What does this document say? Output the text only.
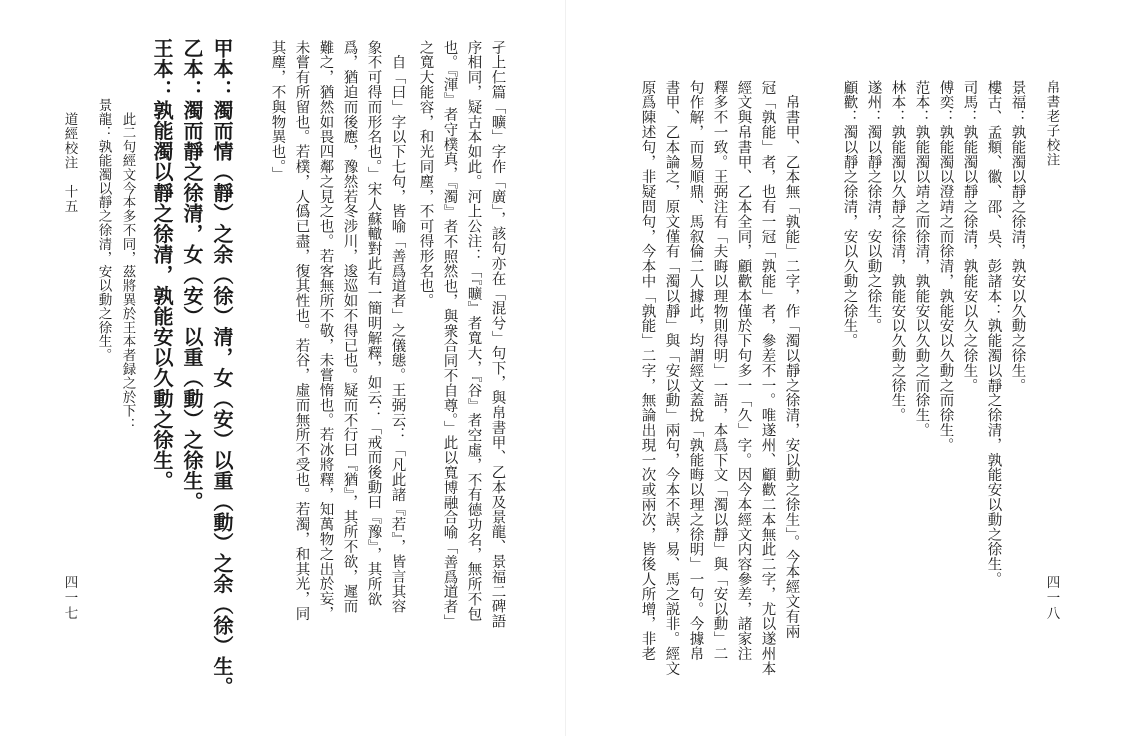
道經校注　十五
四一七	孑上仁篇「曠」字作「廣」，該句亦在「混兮」句下，與帛書甲、乙本及景龍、景福二碑語
序相同，疑古本如此。河上公注：「『曠』者寬大，『谷』者空虛，不有德功名，無所不包
也。『渾』者守樸真，『濁』者不照然也，與衆合同不自尊。」此以寬博融合喻「善爲道者」
之寬大能容，和光同塵，不可得形名也。
　自「曰」字以下七句，皆喻「善爲道者」之儀態。王弼云：「凡此諸『若』，皆言其容
象不可得而形名也。」宋人蘇轍對此有一簡明解釋，如云：「戒而後動曰『豫』，其所欲
爲，猶迫而後應，豫然若冬涉川，逡巡如不得已也。疑而不行曰『猶』，其所不欲，遲而
難之，猶然如畏四鄰之見之也。若客無所不敬，未嘗惰也。若冰將釋，知萬物之出於妄，
未嘗有所留也。若樸，人僞已盡，復其性也。若谷，虛而無所不受也。若濁，和其光，同
其塵，不與物異也。」
甲本：濁而情（靜）之余（徐）清，女（安）以重（動）之余（徐）生。
乙本：濁而靜之徐清，女（安）以重（動）之徐生。
王本：孰能濁以靜之徐清，孰能安以久動之徐生。
　此二句經文今本多不同，茲將異於王本者録之於下：
景龍：孰能濁以靜之徐清，安以動之徐生。	帛書老子校注
四一八
景福：孰能濁以靜之徐清，孰安以久動之徐生。
樓古、孟頫、徽、邵、吳、彭諸本：孰能濁以靜之徐清，孰能安以動之徐生。
司馬：孰能濁以靜之徐清，孰能安以久之徐生。
傅奕：孰能濁以澄靖之而徐清，孰能安以久動之而徐生。
范本：孰能濁以靖之而徐清，孰能安以久動之而徐生。
林本：孰能濁以久靜之徐清，孰能安以久動之徐生。
遂州：濁以靜之徐清，安以動之徐生。
顧歡：濁以靜之徐清，安以久動之徐生。
　帛書甲、乙本無「孰能」二字，作「濁以靜之徐清，安以動之徐生」。今本經文有兩
冠「孰能」者，也有一冠「孰能」者，參差不一。唯遂州、顧歡二本無此二字，尤以遂州本
經文與帛書甲、乙本全同，顧歡本僅於下句多一「久」字。因今本經文内容參差，諸家注
釋多不一致。王弼注有「夫晦以理物則得明」一語，本爲下文「濁以靜」與「安以動」二
句作解，而易順鼎、馬叙倫二人據此，均謂經文蓋挩「孰能晦以理之徐明」一句。今據帛
書甲、乙本論之，原文僅有「濁以靜」與「安以動」兩句，今本不誤，易、馬之説非。經文
原爲陳述句，非疑問句，今本中「孰能」二字，無論出現一次或兩次，皆後人所增，非老
